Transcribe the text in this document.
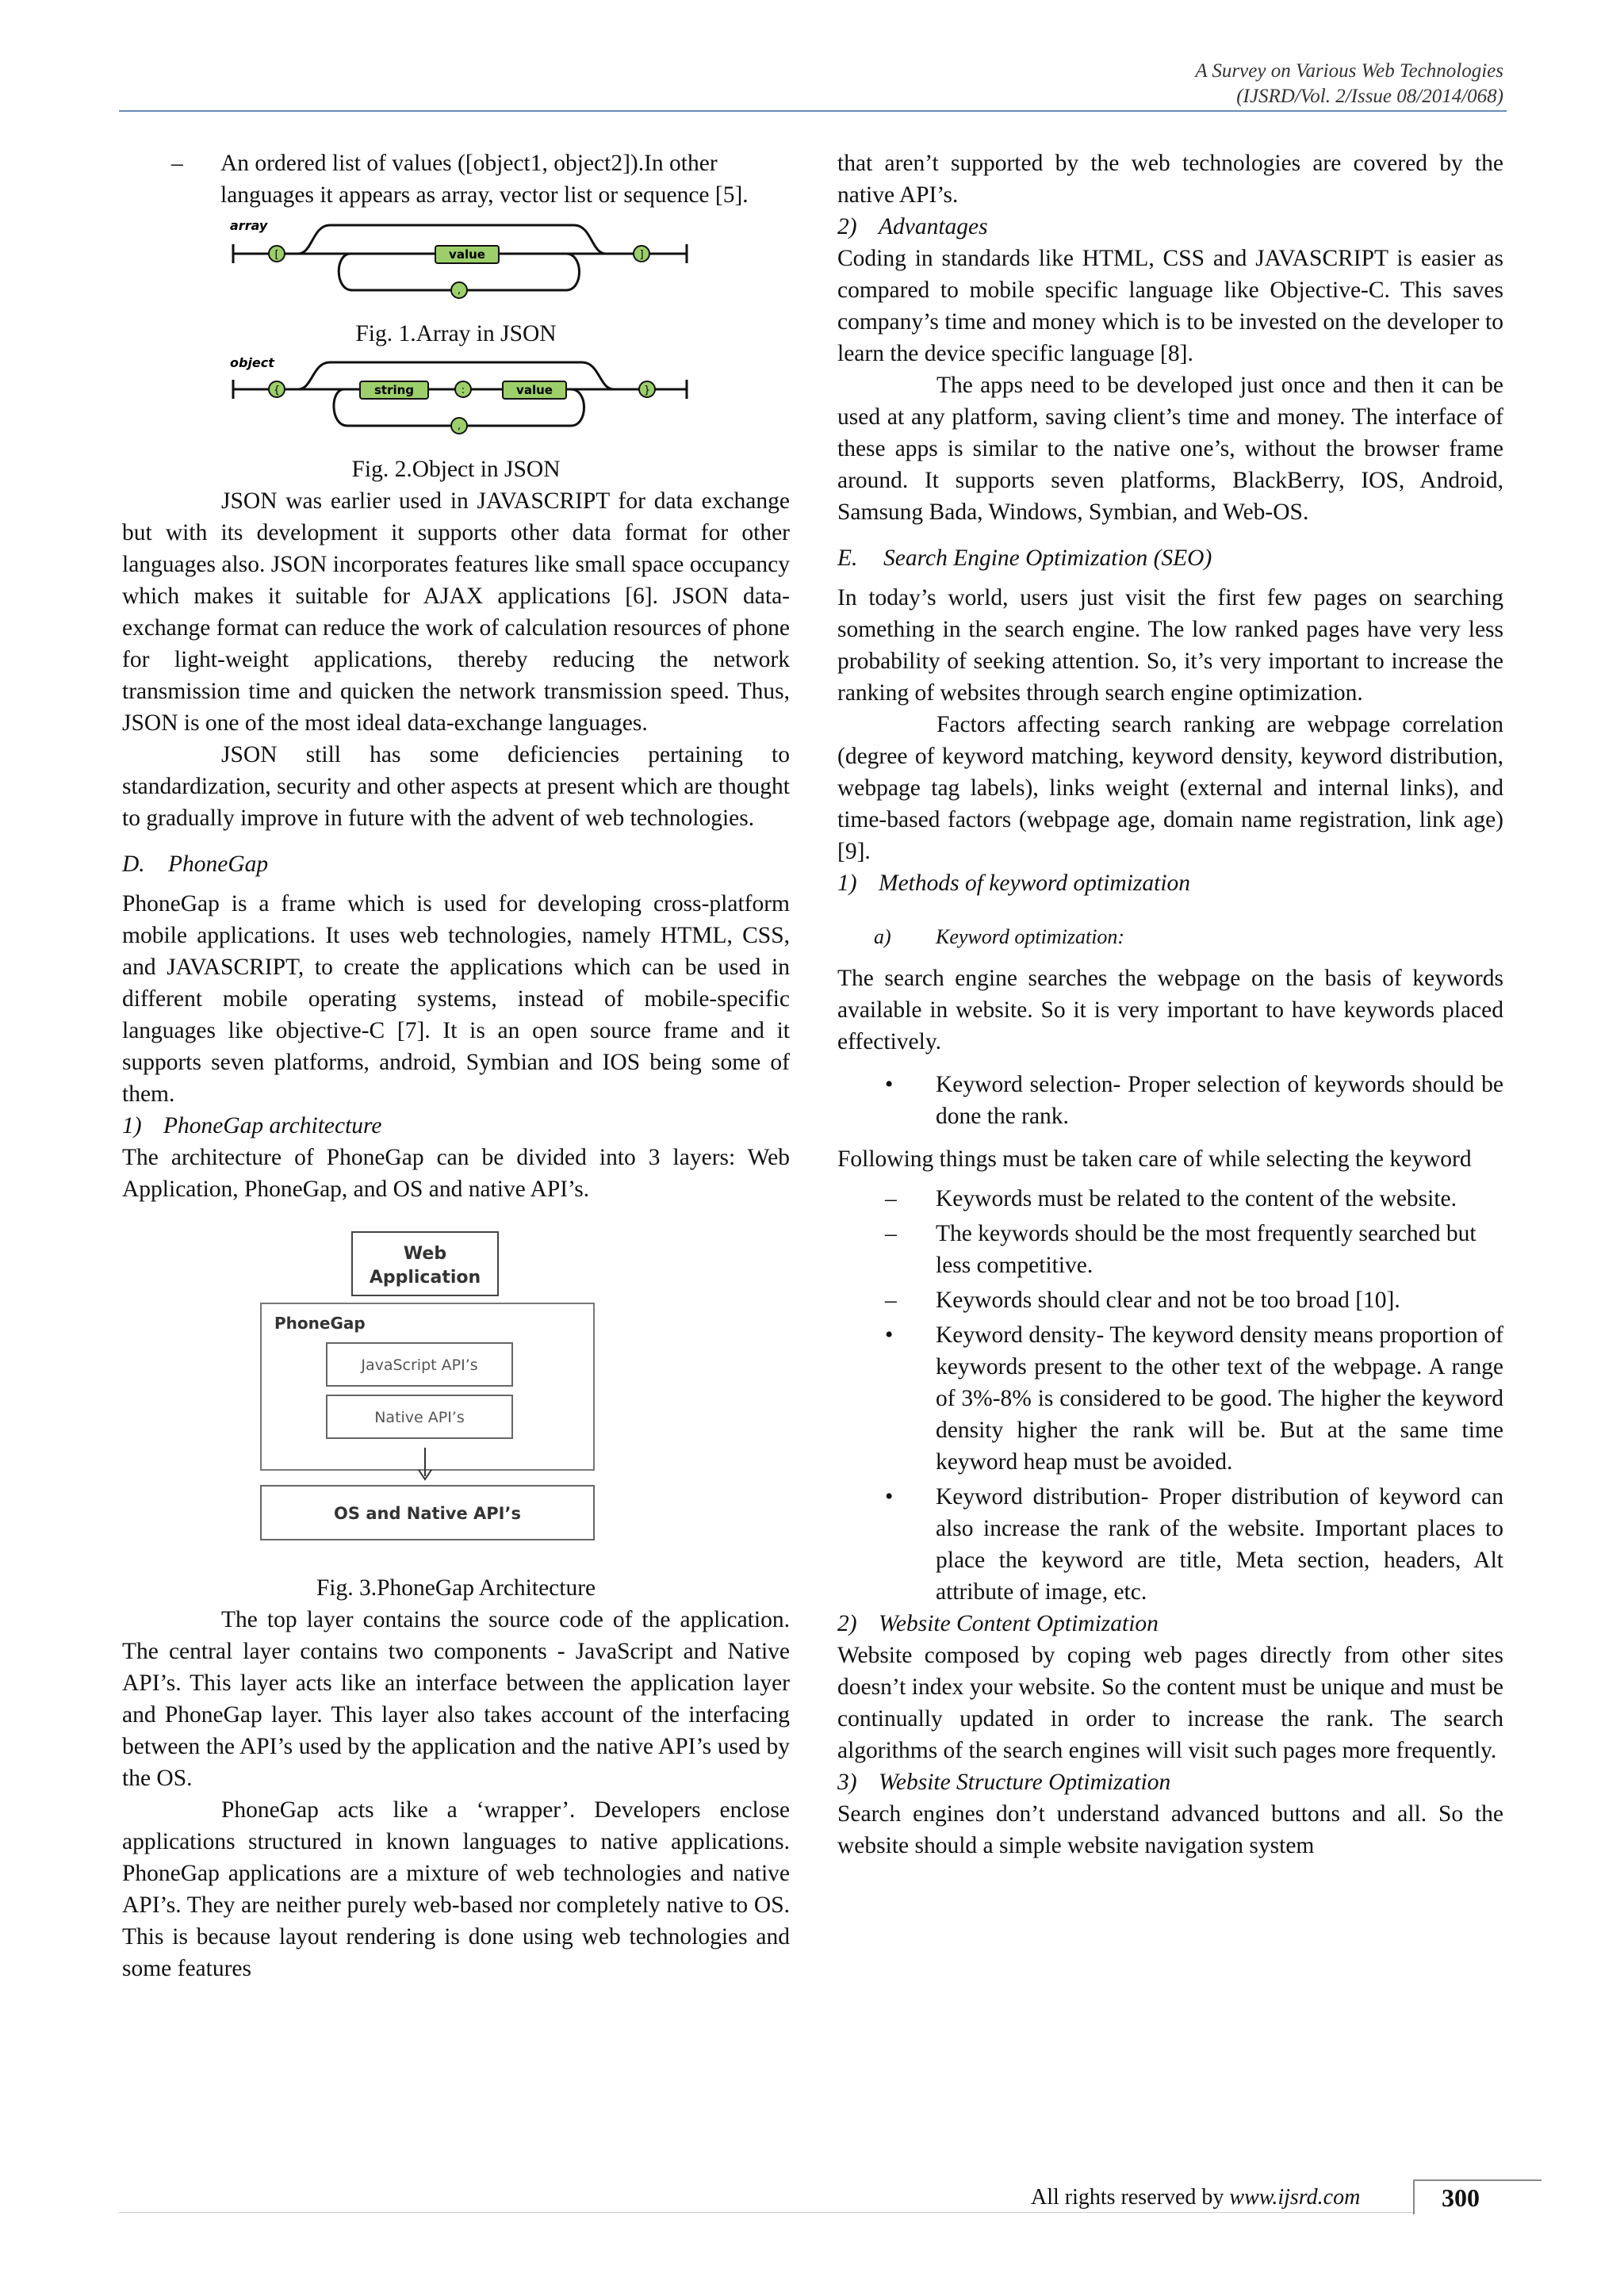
A Survey on Various Web Technologies
(IJSRD/Vol. 2/Issue 08/2014/068)
–	An ordered list of values ([object1, object2]).In other languages it appears as array, vector list or sequence [5].
array
[	]
value
,
Fig. 1.Array in JSON
object
{	}
string	:	value
,
Fig. 2.Object in JSON

JSON was earlier used in JAVASCRIPT for data exchange but with its development it supports other data format for other languages also. JSON incorporates features like small space occupancy which makes it suitable for AJAX applications [6]. JSON data-exchange format can reduce the work of calculation resources of phone for light-weight applications, thereby reducing the network transmission time and quicken the network transmission speed. Thus, JSON is one of the most ideal data-exchange languages.

JSON still has some deficiencies pertaining to standardization, security and other aspects at present which are thought to gradually improve in future with the advent of web technologies.

D. PhoneGap

PhoneGap is a frame which is used for developing cross-platform mobile applications. It uses web technologies, namely HTML, CSS, and JAVASCRIPT, to create the applications which can be used in different mobile operating systems, instead of mobile-specific languages like objective-C [7]. It is an open source frame and it supports seven platforms, android, Symbian and IOS being some of them.

1) PhoneGap architecture

The architecture of PhoneGap can be divided into 3 layers: Web Application, PhoneGap, and OS and native API’s.

Web
Application
PhoneGap
JavaScript API’s
Native API’s
OS and Native API’s
Fig. 3.PhoneGap Architecture

The top layer contains the source code of the application. The central layer contains two components - JavaScript and Native API’s. This layer acts like an interface between the application layer and PhoneGap layer. This layer also takes account of the interfacing between the API’s used by the application and the native API’s used by the OS.

PhoneGap acts like a ‘wrapper’. Developers enclose applications structured in known languages to native applications. PhoneGap applications are a mixture of web technologies and native API’s. They are neither purely web-based nor completely native to OS. This is because layout rendering is done using web technologies and some features

that aren’t supported by the web technologies are covered by the native API’s.

2) Advantages

Coding in standards like HTML, CSS and JAVASCRIPT is easier as compared to mobile specific language like Objective-C. This saves company’s time and money which is to be invested on the developer to learn the device specific language [8].

The apps need to be developed just once and then it can be used at any platform, saving client’s time and money. The interface of these apps is similar to the native one’s, without the browser frame around. It supports seven platforms, BlackBerry, IOS, Android, Samsung Bada, Windows, Symbian, and Web-OS.

E. Search Engine Optimization (SEO)

In today’s world, users just visit the first few pages on searching something in the search engine. The low ranked pages have very less probability of seeking attention. So, it’s very important to increase the ranking of websites through search engine optimization.

Factors affecting search ranking are webpage correlation (degree of keyword matching, keyword density, keyword distribution, webpage tag labels), links weight (external and internal links), and time-based factors (webpage age, domain name registration, link age) [9].

1) Methods of keyword optimization
a)	Keyword optimization:

The search engine searches the webpage on the basis of keywords available in website. So it is very important to have keywords placed effectively.

•	Keyword selection- Proper selection of keywords should be done the rank.

Following things must be taken care of while selecting the keyword

–	Keywords must be related to the content of the website.
–	The keywords should be the most frequently searched but less competitive.
–	Keywords should clear and not be too broad [10].
•	Keyword density- The keyword density means proportion of keywords present to the other text of the webpage. A range of 3%-8% is considered to be good. The higher the keyword density higher the rank will be. But at the same time keyword heap must be avoided.
•	Keyword distribution- Proper distribution of keyword can also increase the rank of the website. Important places to place the keyword are title, Meta section, headers, Alt attribute of image, etc.
2) Website Content Optimization

Website composed by coping web pages directly from other sites doesn’t index your website. So the content must be unique and must be continually updated in order to increase the rank. The search algorithms of the search engines will visit such pages more frequently.

3) Website Structure Optimization

Search engines don’t understand advanced buttons and all. So the website should a simple website navigation system

All rights reserved by www.ijsrd.com	300
